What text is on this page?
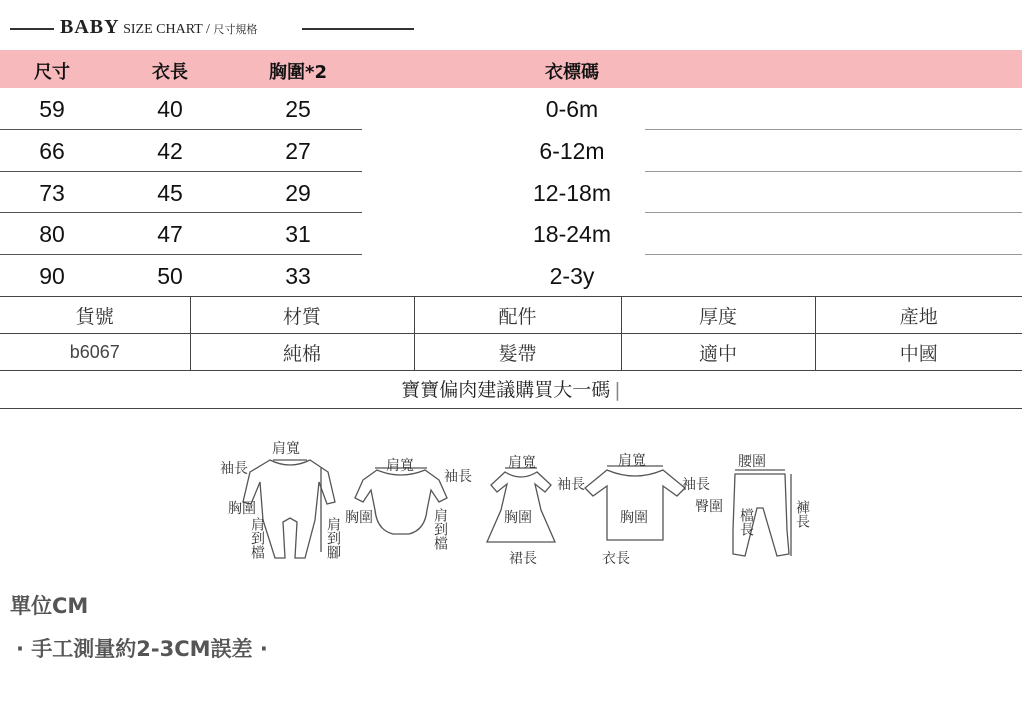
BABY SIZE CHART / 尺寸規格
尺寸	衣長	胸圍*2	衣標碼
59	40	25	0-6m
66	42	27	6-12m
73	45	29	12-18m
80	47	31	18-24m
90	50	33	2-3y
貨號	材質	配件	厚度	產地
b6067	純棉	髮帶	適中	中國
寶寶偏肉建議購買大一碼 |
肩寬
袖長
胸圍
肩到檔	肩到腳
肩寬
袖長
胸圍	肩到檔
肩寬
袖長
胸圍
裙長
肩寬
袖長
胸圍
衣長
腰圍
臀圍
檔長	褲長
單位CM
· 手工測量約2-3CM誤差 ·
